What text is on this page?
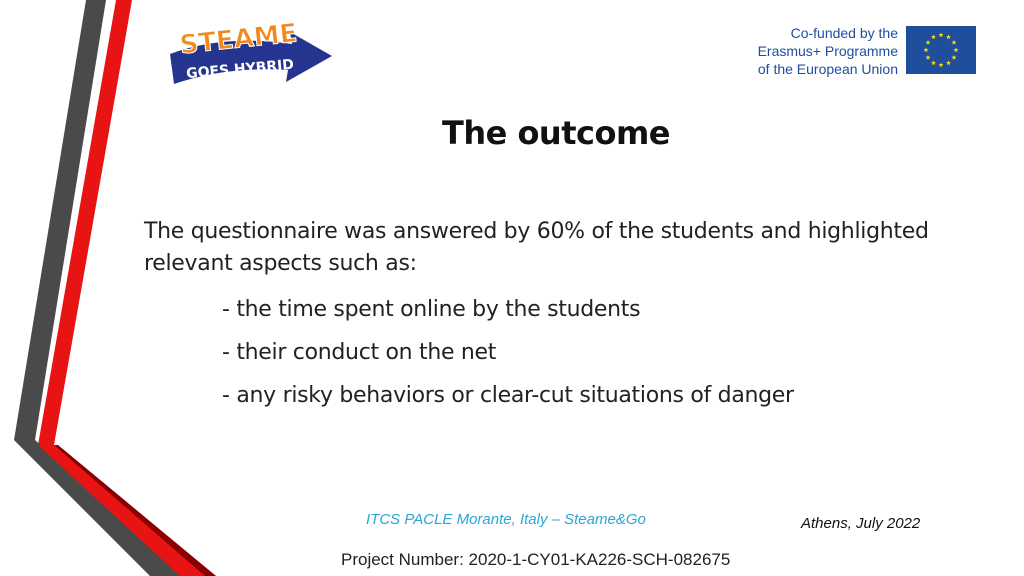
STEAME
GOES HYBRID
Co-funded by the
Erasmus+ Programme
of the European Union
The outcome
The questionnaire was answered by 60% of the students and highlighted relevant aspects such as:
- the time spent online by the students
- their conduct on the net
- any risky behaviors or clear-cut situations of danger
ITCS PACLE Morante, Italy – Steame&Go	Athens, July 2022
Project Number: 2020-1-CY01-KA226-SCH-082675
